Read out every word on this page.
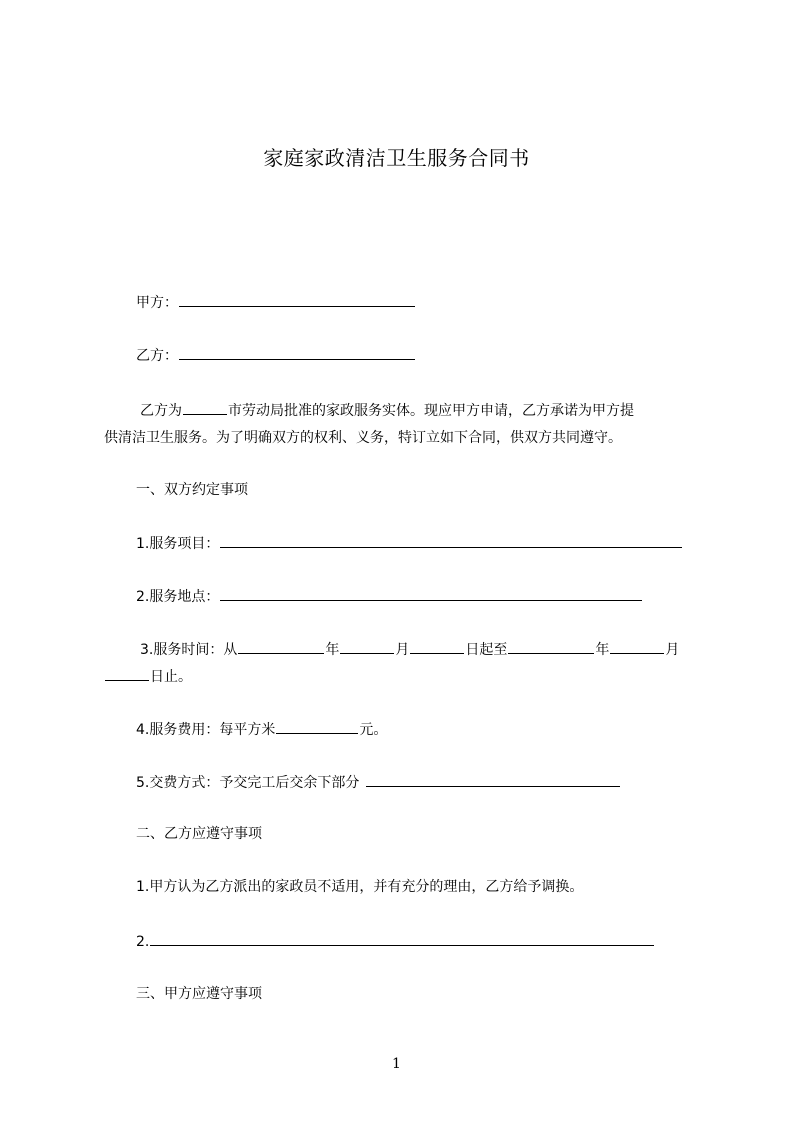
家庭家政清洁卫生服务合同书
甲方：
乙方：
乙方为	市劳动局批准的家政服务实体。现应甲方申请，乙方承诺为甲方提
供清洁卫生服务。为了明确双方的权利、义务，特订立如下合同，供双方共同遵守。
一、双方约定事项
1.服务项目：
2.服务地点：
3.服务时间：从	年	月	日起至	年	月
日止。
4.服务费用：每平方米	元。
5.交费方式：予交完工后交余下部分
二、乙方应遵守事项
1.甲方认为乙方派出的家政员不适用，并有充分的理由，乙方给予调换。
2.
三、甲方应遵守事项
1
